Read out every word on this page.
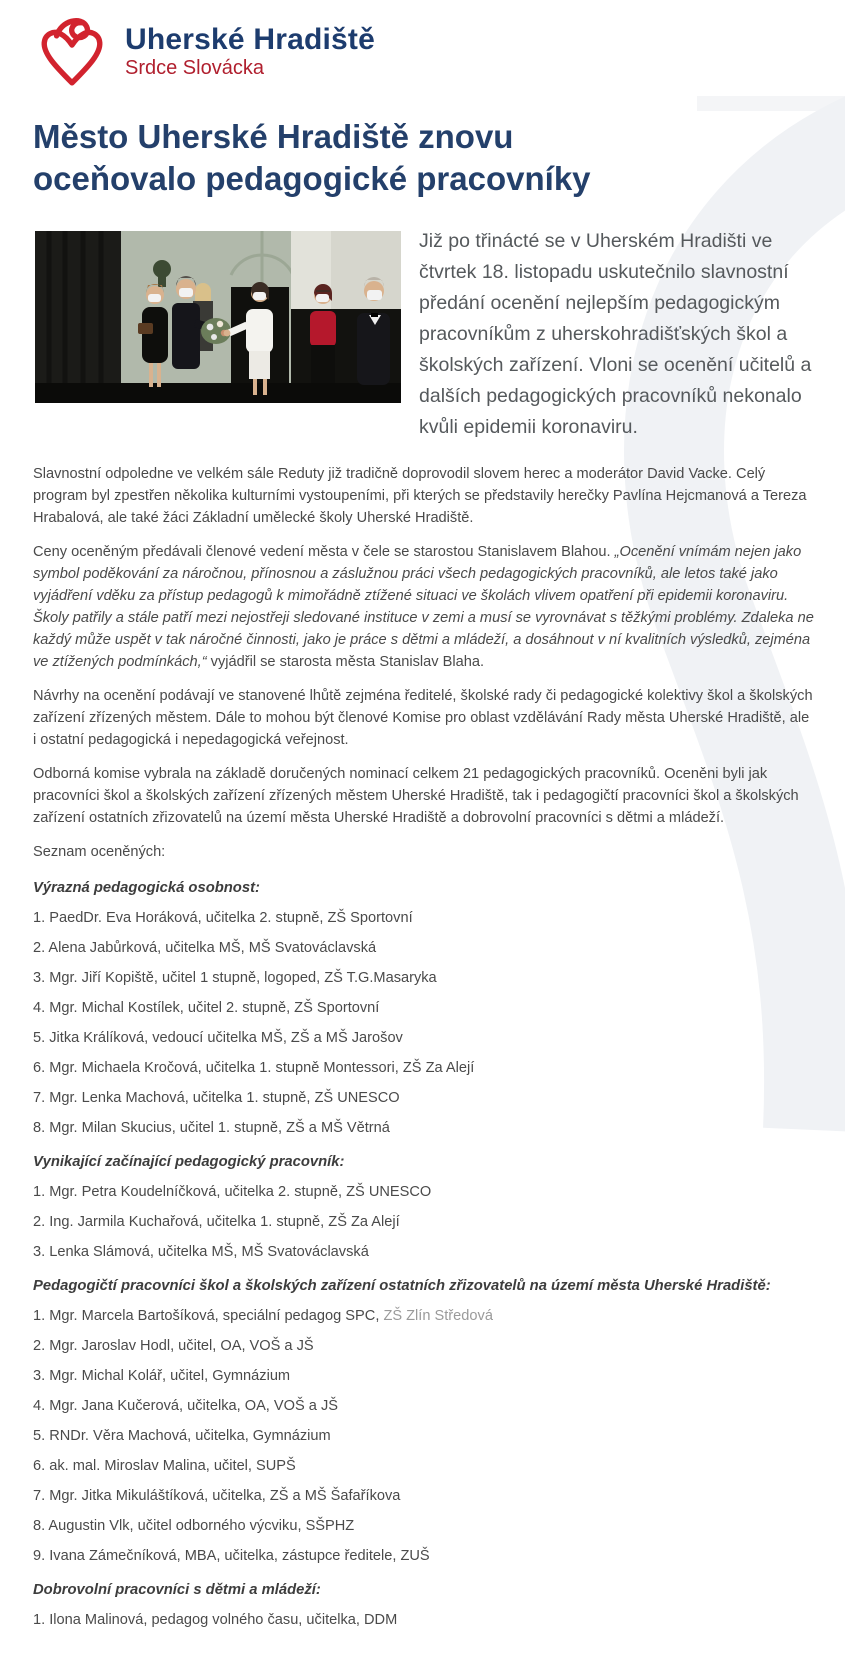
Uherské Hradiště
Srdce Slovácka
Město Uherské Hradiště znovu oceňovalo pedagogické pracovníky

Již po třinácté se v Uherském Hradišti ve čtvrtek 18. listopadu uskutečnilo slavnostní předání ocenění nejlepším pedagogickým pracovníkům z uherskohradišťských škol a školských zařízení. Vloni se ocenění učitelů a dalších pedagogických pracovníků nekonalo kvůli epidemii koronaviru.

Slavnostní odpoledne ve velkém sále Reduty již tradičně doprovodil slovem herec a moderátor David Vacke. Celý program byl zpestřen několika kulturními vystoupeními, při kterých se představily herečky Pavlína Hejcmanová a Tereza Hrabalová, ale také žáci Základní umělecké školy Uherské Hradiště.

Ceny oceněným předávali členové vedení města v čele se starostou Stanislavem Blahou. „Ocenění vnímám nejen jako symbol poděkování za náročnou, přínosnou a záslužnou práci všech pedagogických pracovníků, ale letos také jako vyjádření vděku za přístup pedagogů k mimořádně ztížené situaci ve školách vlivem opatření při epidemii koronaviru. Školy patřily a stále patří mezi nejostřeji sledované instituce v zemi a musí se vyrovnávat s těžkými problémy. Zdaleka ne každý může uspět v tak náročné činnosti, jako je práce s dětmi a mládeží, a dosáhnout v ní kvalitních výsledků, zejména ve ztížených podmínkách,“ vyjádřil se starosta města Stanislav Blaha.

Návrhy na ocenění podávají ve stanovené lhůtě zejména ředitelé, školské rady či pedagogické kolektivy škol a školských zařízení zřízených městem. Dále to mohou být členové Komise pro oblast vzdělávání Rady města Uherské Hradiště, ale i ostatní pedagogická i nepedagogická veřejnost.

Odborná komise vybrala na základě doručených nominací celkem 21 pedagogických pracovníků. Oceněni byli jak pracovníci škol a školských zařízení zřízených městem Uherské Hradiště, tak i pedagogičtí pracovníci škol a školských zařízení ostatních zřizovatelů na území města Uherské Hradiště a dobrovolní pracovníci s dětmi a mládeží.

Seznam oceněných:

Výrazná pedagogická osobnost:

1. PaedDr. Eva Horáková, učitelka 2. stupně, ZŠ Sportovní

2. Alena Jabůrková, učitelka MŠ, MŠ Svatováclavská

3. Mgr. Jiří Kopiště, učitel 1 stupně, logoped, ZŠ T.G.Masaryka

4. Mgr. Michal Kostílek, učitel 2. stupně, ZŠ Sportovní

5. Jitka Králíková, vedoucí učitelka MŠ, ZŠ a MŠ Jarošov

6. Mgr. Michaela Kročová, učitelka 1. stupně Montessori, ZŠ Za Alejí

7. Mgr. Lenka Machová, učitelka 1. stupně, ZŠ UNESCO

8. Mgr. Milan Skucius, učitel 1. stupně, ZŠ a MŠ Větrná

Vynikající začínající pedagogický pracovník:

1. Mgr. Petra Koudelníčková, učitelka 2. stupně, ZŠ UNESCO

2. Ing. Jarmila Kuchařová, učitelka 1. stupně, ZŠ Za Alejí

3. Lenka Slámová, učitelka MŠ, MŠ Svatováclavská

Pedagogičtí pracovníci škol a školských zařízení ostatních zřizovatelů na území města Uherské Hradiště:

1. Mgr. Marcela Bartošíková, speciální pedagog SPC, ZŠ Zlín Středová

2. Mgr. Jaroslav Hodl, učitel, OA, VOŠ a JŠ

3. Mgr. Michal Kolář, učitel, Gymnázium

4. Mgr. Jana Kučerová, učitelka, OA, VOŠ a JŠ

5. RNDr. Věra Machová, učitelka, Gymnázium

6. ak. mal. Miroslav Malina, učitel, SUPŠ

7. Mgr. Jitka Mikuláštíková, učitelka, ZŠ a MŠ Šafaříkova

8. Augustin Vlk, učitel odborného výcviku, SŠPHZ

9. Ivana Zámečníková, MBA, učitelka, zástupce ředitele, ZUŠ

Dobrovolní pracovníci s dětmi a mládeží:

1. Ilona Malinová, pedagog volného času, učitelka, DDM
